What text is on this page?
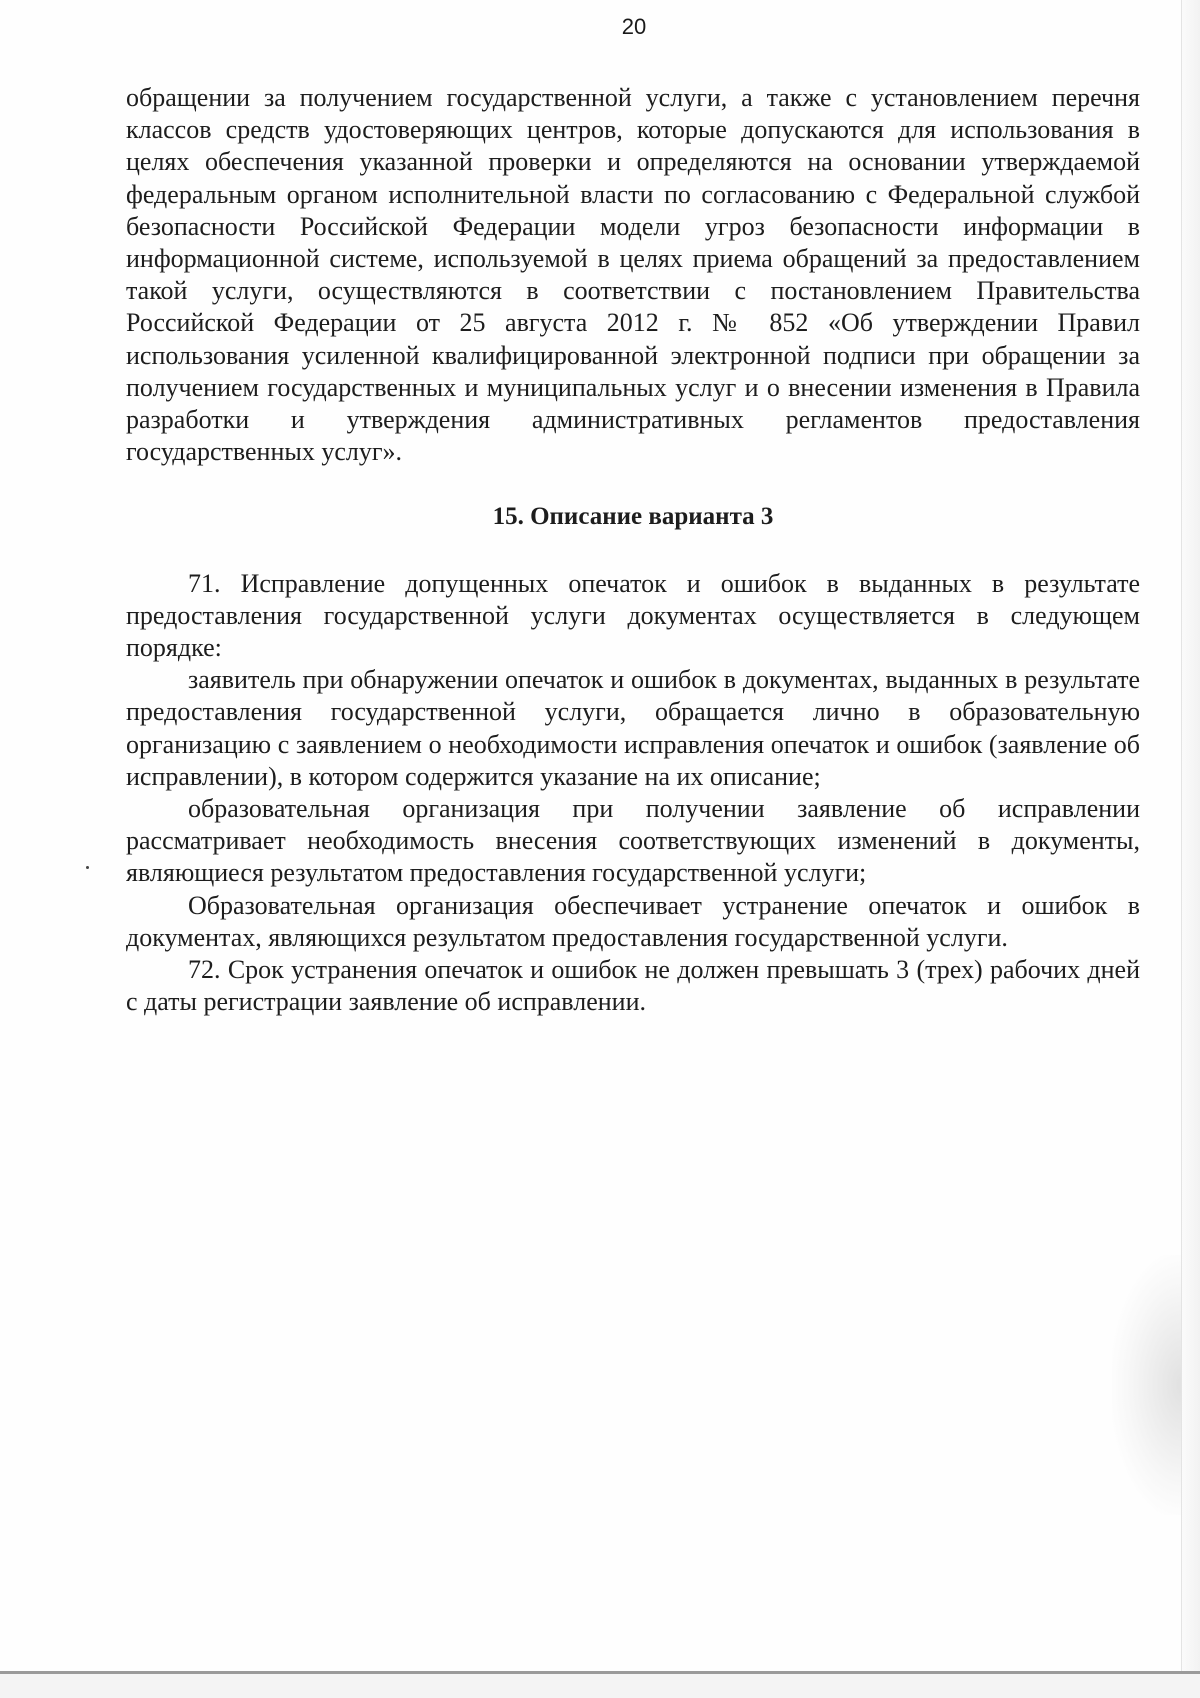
20

обращении за получением государственной услуги, а также с установлением перечня классов средств удостоверяющих центров, которые допускаются для использования в целях обеспечения указанной проверки и определяются на основании утверждаемой федеральным органом исполнительной власти по согласованию с Федеральной службой безопасности Российской Федерации модели угроз безопасности информации в информационной системе, используемой в целях приема обращений за предоставлением такой услуги, осуществляются в соответствии с постановлением Правительства Российской Федерации от 25 августа 2012 г. № 852 «Об утверждении Правил использования усиленной квалифицированной электронной подписи при обращении за получением государственных и муниципальных услуг и о внесении изменения в Правила разработки и утверждения административных регламентов предоставления государственных услуг».

15. Описание варианта 3

71. Исправление допущенных опечаток и ошибок в выданных в результате предоставления государственной услуги документах осуществляется в следующем порядке:

заявитель при обнаружении опечаток и ошибок в документах, выданных в результате предоставления государственной услуги, обращается лично в образовательную организацию с заявлением о необходимости исправления опечаток и ошибок (заявление об исправлении), в котором содержится указание на их описание;

образовательная организация при получении заявление об исправлении рассматривает необходимость внесения соответствующих изменений в документы, являющиеся результатом предоставления государственной услуги;

Образовательная организация обеспечивает устранение опечаток и ошибок в документах, являющихся результатом предоставления государственной услуги.

72. Срок устранения опечаток и ошибок не должен превышать 3 (трех) рабочих дней с даты регистрации заявление об исправлении.
